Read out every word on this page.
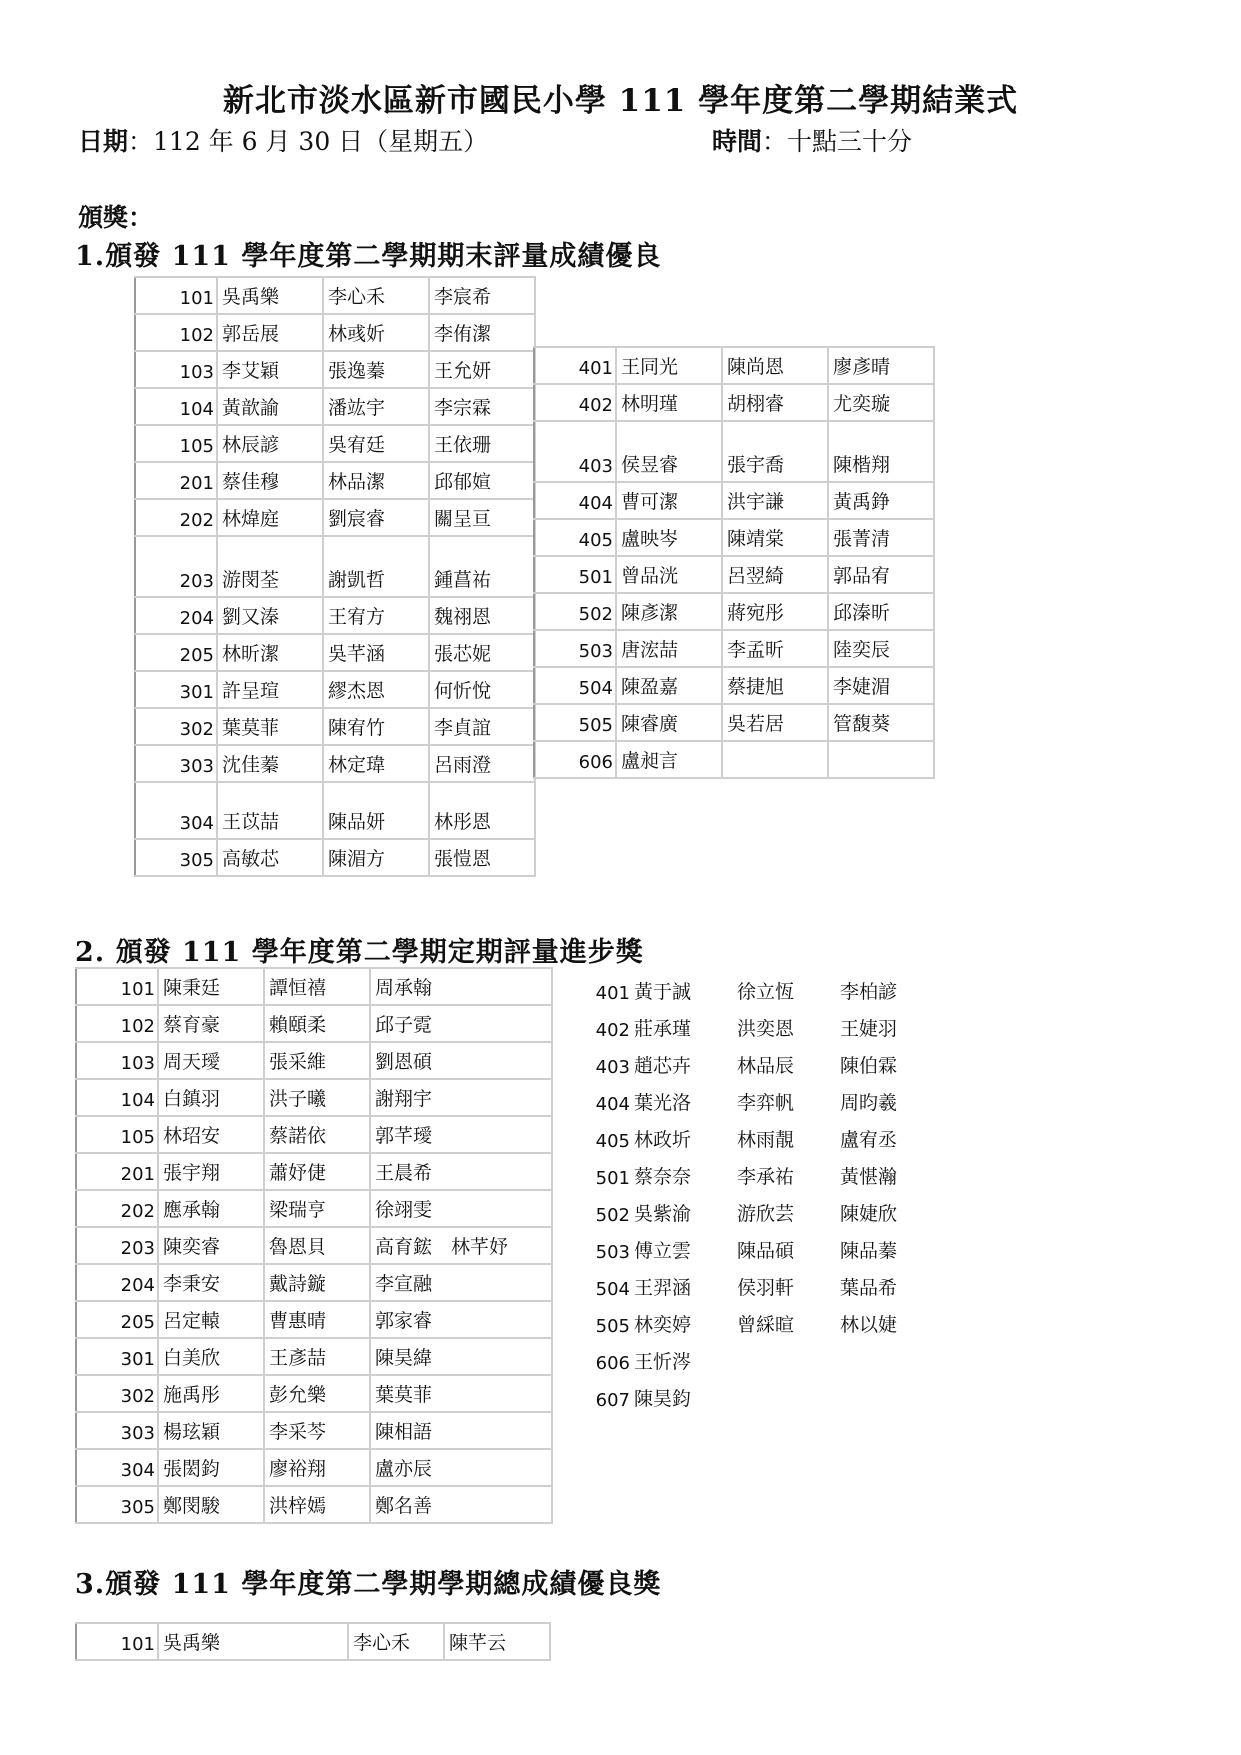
新北市淡水區新市國民小學 111 學年度第二學期結業式
日期：112 年 6 月 30 日（星期五）	時間：十點三十分
頒獎：
1.頒發 111 學年度第二學期期末評量成績優良
101	吳禹樂	李心禾	李宸希
102	郭岳展	林彧妡	李侑潔
103	李艾穎	張逸蓁	王允妍
104	黃歆諭	潘竑宇	李宗霖
105	林辰諺	吳宥廷	王依珊
201	蔡佳穆	林品潔	邱郁媗
202	林煒庭	劉宸睿	關呈亘
203	游閔荃	謝凱哲	鍾菖祐
204	劉又溱	王宥方	魏祤恩
205	林昕潔	吳芊涵	張芯妮
301	許呈瑄	繆杰恩	何忻悅
302	葉莫菲	陳宥竹	李貞誼
303	沈佳蓁	林定瑋	呂雨澄
304	王苡喆	陳品妍	林彤恩
305	高敏芯	陳湄方	張愷恩
401	王同光	陳尚恩	廖彥晴
402	林明瑾	胡栩睿	尤奕璇
403	侯昱睿	張宇喬	陳楷翔
404	曹可潔	洪宇謙	黃禹錚
405	盧映岑	陳靖棠	張菁清
501	曾品洸	呂翌綺	郭品宥
502	陳彥潔	蔣宛彤	邱溱昕
503	唐浤喆	李孟昕	陸奕辰
504	陳盈嘉	蔡捷旭	李婕湄
505	陳睿廣	吳若居	管馥葵
606	盧昶言		
2. 頒發 111 學年度第二學期定期評量進步獎
101	陳秉廷	譚恒禧	周承翰
102	蔡育豪	賴頤柔	邱子霓
103	周天璦	張采維	劉恩碩
104	白鎮羽	洪子曦	謝翔宇
105	林玿安	蔡諾依	郭芊璦
201	張宇翔	蕭妤倢	王晨希
202	應承翰	梁瑞亨	徐翊雯
203	陳奕睿	魯恩貝	高育鋐　林芊妤
204	李秉安	戴詩鏇	李宣融
205	呂定轅	曹惠晴	郭家睿
301	白美欣	王彥喆	陳昊緯
302	施禹彤	彭允樂	葉莫菲
303	楊玹穎	李采芩	陳相語
304	張閎鈞	廖裕翔	盧亦辰
305	鄭閔駿	洪梓嫣	鄭名善
401 黃于誠	徐立恆	李柏諺
402 莊承瑾	洪奕恩	王婕羽
403 趙芯卉	林品辰	陳伯霖
404 葉光洛	李弈帆	周昀羲
405 林政圻	林雨靚	盧宥丞
501 蔡奈奈	李承祐	黃愖瀚
502 吳紫渝	游欣芸	陳婕欣
503 傅立雲	陳品碩	陳品蓁
504 王羿涵	侯羽軒	葉品希
505 林奕婷	曾綵暄	林以婕
606 王忻涔
607 陳昊鈞
3.頒發 111 學年度第二學期學期總成績優良獎
101	吳禹樂	李心禾	陳芊云
